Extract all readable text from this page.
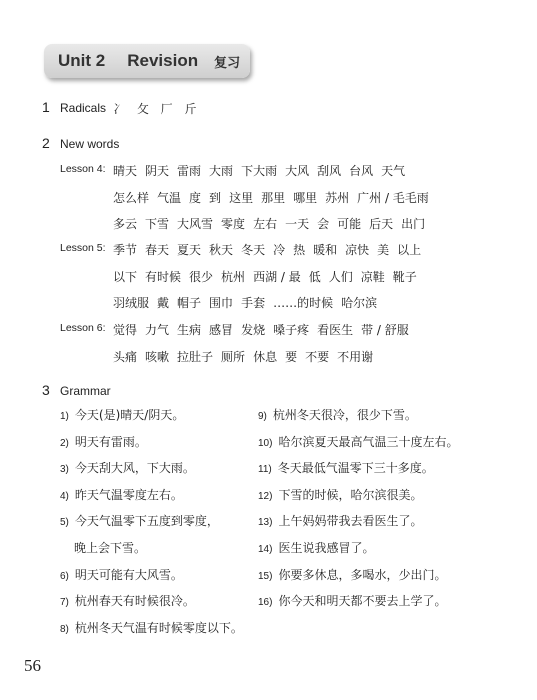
Unit 2 Revision 复习
1 Radicals 冫 攵 厂 斤
2 New words
Lesson 4: 晴天 阴天 雷雨 大雨 下大雨 大风 刮风 台风 天气
怎么样 气温 度 到 这里 那里 哪里 苏州 广州 / 毛毛雨
多云 下雪 大风雪 零度 左右 一天 会 可能 后天 出门
Lesson 5: 季节 春天 夏天 秋天 冬天 冷 热 暖和 凉快 美 以上
以下 有时候 很少 杭州 西湖 / 最 低 人们 凉鞋 靴子
羽绒服 戴 帽子 围巾 手套 ……的时候 哈尔滨
Lesson 6: 觉得 力气 生病 感冒 发烧 嗓子疼 看医生 带 / 舒服
头痛 咳嗽 拉肚子 厕所 休息 要 不要 不用谢
3 Grammar
1) 今天(是)晴天/阴天。
2) 明天有雷雨。
3) 今天刮大风，下大雨。
4) 昨天气温零度左右。
5) 今天气温零下五度到零度，
晚上会下雪。
6) 明天可能有大风雪。
7) 杭州春天有时候很冷。
8) 杭州冬天气温有时候零度以下。
9) 杭州冬天很冷，很少下雪。
10) 哈尔滨夏天最高气温三十度左右。
11) 冬天最低气温零下三十多度。
12) 下雪的时候，哈尔滨很美。
13) 上午妈妈带我去看医生了。
14) 医生说我感冒了。
15) 你要多休息，多喝水，少出门。
16) 你今天和明天都不要去上学了。
56
